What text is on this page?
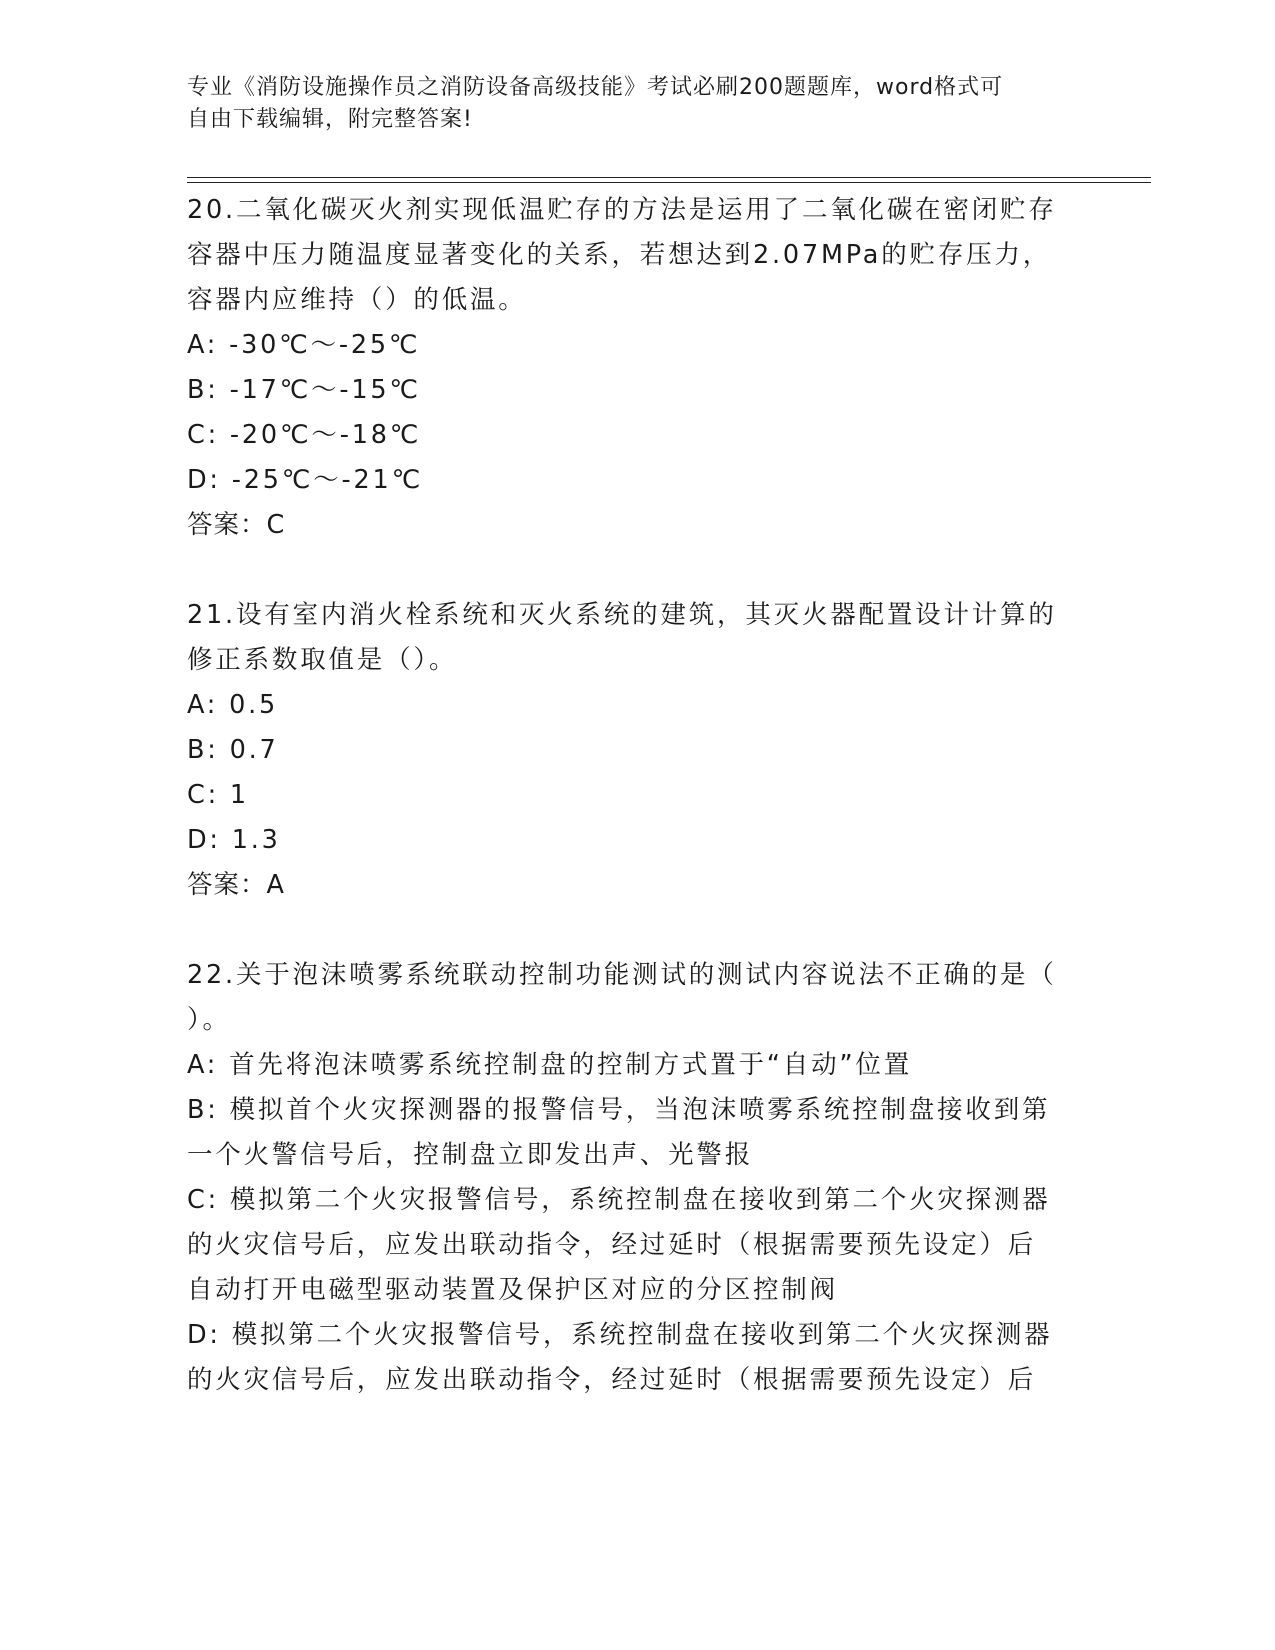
专业《消防设施操作员之消防设备高级技能》考试必刷200题题库，word格式可
自由下载编辑，附完整答案!

20.二氧化碳灭火剂实现低温贮存的方法是运用了二氧化碳在密闭贮存

容器中压力随温度显著变化的关系，若想达到2.07MPa的贮存压力，

容器内应维持（）的低温。

A: -30℃～-25℃

B: -17℃～-15℃

C: -20℃～-18℃

D: -25℃～-21℃

答案：C

21.设有室内消火栓系统和灭火系统的建筑，其灭火器配置设计计算的

修正系数取值是（）。

A: 0.5

B: 0.7

C: 1

D: 1.3

答案：A

22.关于泡沫喷雾系统联动控制功能测试的测试内容说法不正确的是（

）。

A: 首先将泡沫喷雾系统控制盘的控制方式置于“自动”位置

B: 模拟首个火灾探测器的报警信号，当泡沫喷雾系统控制盘接收到第

一个火警信号后，控制盘立即发出声、光警报

C: 模拟第二个火灾报警信号，系统控制盘在接收到第二个火灾探测器

的火灾信号后，应发出联动指令，经过延时（根据需要预先设定）后

自动打开电磁型驱动装置及保护区对应的分区控制阀

D: 模拟第二个火灾报警信号，系统控制盘在接收到第二个火灾探测器

的火灾信号后，应发出联动指令，经过延时（根据需要预先设定）后
